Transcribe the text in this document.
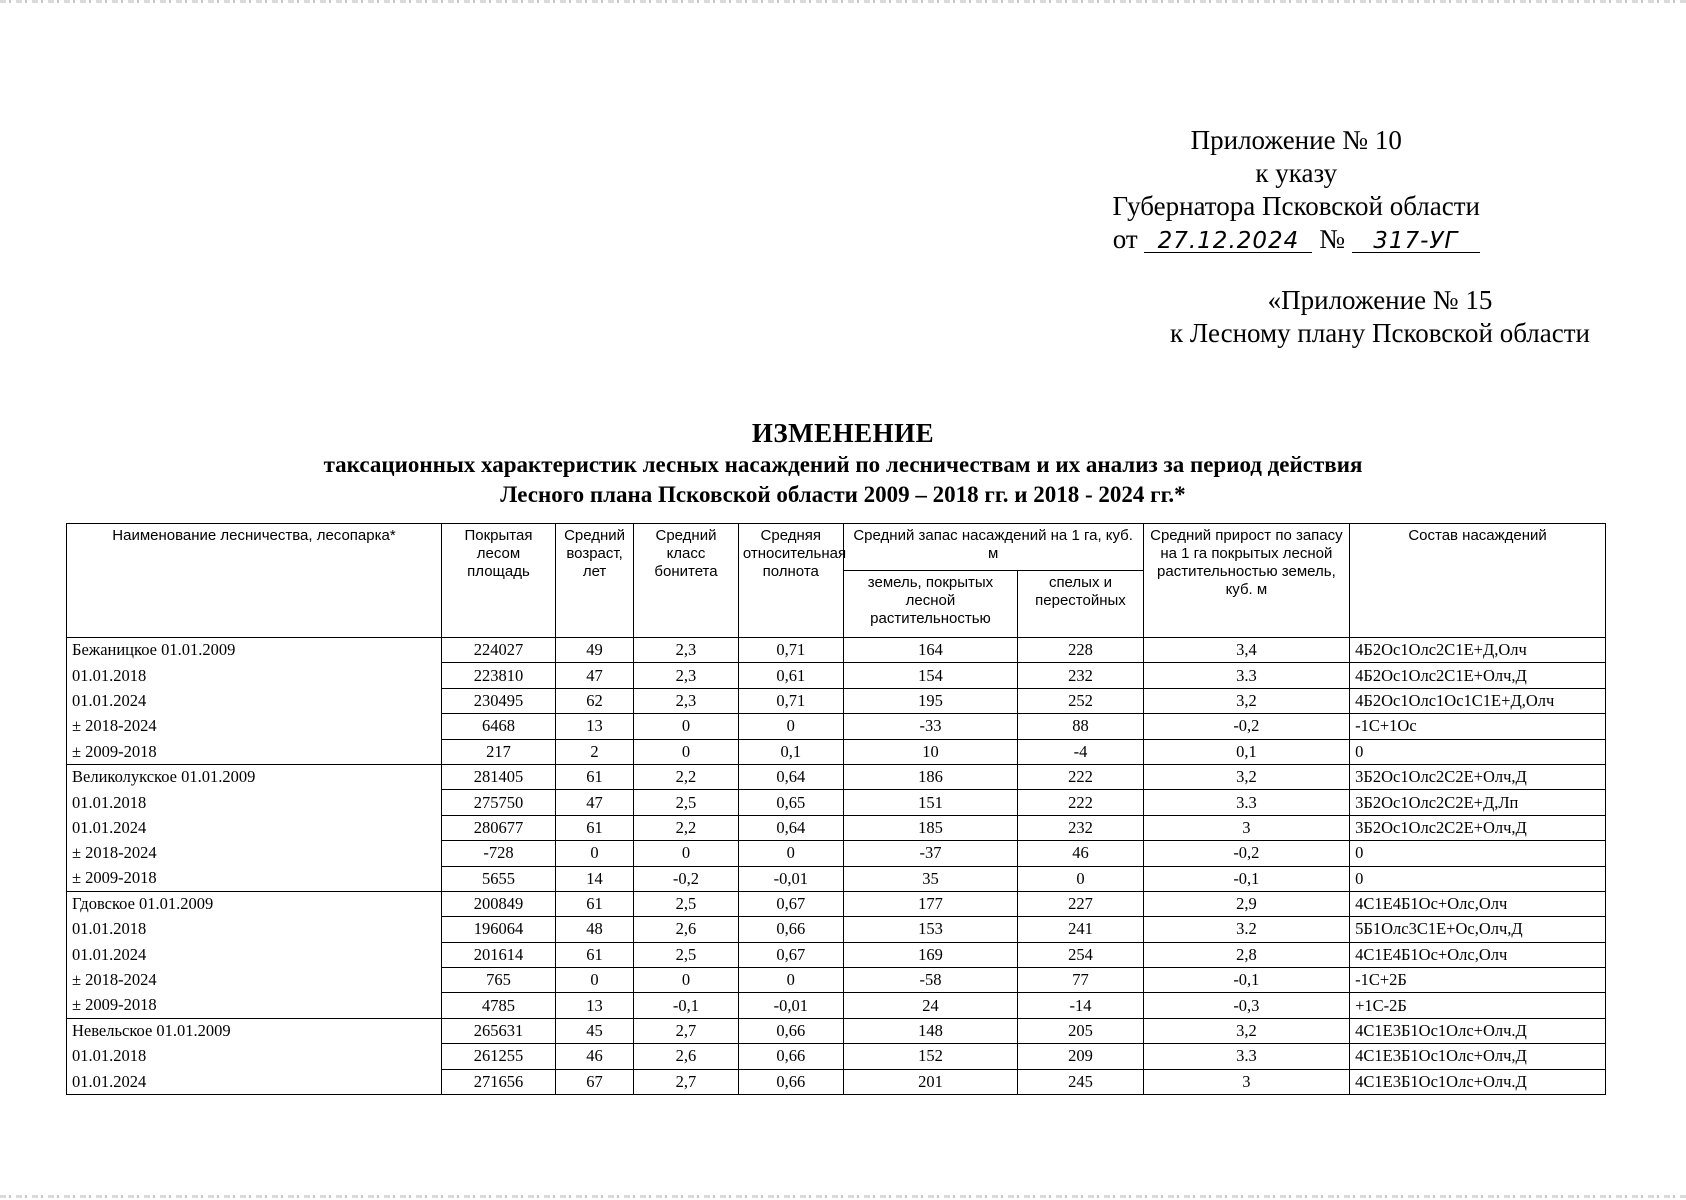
Приложение № 10
к указу
Губернатора Псковской области
от 27.12.2024 № 317-УГ
«Приложение № 15
к Лесному плану Псковской области
ИЗМЕНЕНИЕ
таксационных характеристик лесных насаждений по лесничествам и их анализ за период действия
Лесного плана Псковской области 2009 – 2018 гг. и 2018 - 2024 гг.*
Наименование лесничества, лесопарка*	Покрытая лесом площадь	Средний возраст, лет	Средний класс бонитета	Средняя относительная полнота	Средний запас насаждений на 1 га, куб. м		Средний прирост по запасу на 1 га покрытых лесной растительностью земель, куб. м	Состав насаждений
					земель, покрытых лесной растительностью	спелых и перестойных		
Бежаницкое 01.01.2009	224027	49	2,3	0,71	164	228	3,4	4Б2Ос1Олс2С1Е+Д,Олч
01.01.2018	223810	47	2,3	0,61	154	232	3.3	4Б2Ос1Олс2С1Е+Олч,Д
01.01.2024	230495	62	2,3	0,71	195	252	3,2	4Б2Ос1Олс1Ос1С1Е+Д,Олч
± 2018-2024	6468	13	0	0	-33	88	-0,2	-1С+1Ос
± 2009-2018	217	2	0	0,1	10	-4	0,1	0
Великолукское 01.01.2009	281405	61	2,2	0,64	186	222	3,2	3Б2Ос1Олс2С2Е+Олч,Д
01.01.2018	275750	47	2,5	0,65	151	222	3.3	3Б2Ос1Олс2С2Е+Д,Лп
01.01.2024	280677	61	2,2	0,64	185	232	3	3Б2Ос1Олс2С2Е+Олч,Д
± 2018-2024	-728	0	0	0	-37	46	-0,2	0
± 2009-2018	5655	14	-0,2	-0,01	35	0	-0,1	0
Гдовское 01.01.2009	200849	61	2,5	0,67	177	227	2,9	4С1Е4Б1Ос+Олс,Олч
01.01.2018	196064	48	2,6	0,66	153	241	3.2	5Б1Олс3С1Е+Ос,Олч,Д
01.01.2024	201614	61	2,5	0,67	169	254	2,8	4С1Е4Б1Ос+Олс,Олч
± 2018-2024	765	0	0	0	-58	77	-0,1	-1С+2Б
± 2009-2018	4785	13	-0,1	-0,01	24	-14	-0,3	+1С-2Б
Невельское 01.01.2009	265631	45	2,7	0,66	148	205	3,2	4С1Е3Б1Ос1Олс+Олч.Д
01.01.2018	261255	46	2,6	0,66	152	209	3.3	4С1Е3Б1Ос1Олс+Олч,Д
01.01.2024	271656	67	2,7	0,66	201	245	3	4С1Е3Б1Ос1Олс+Олч.Д
